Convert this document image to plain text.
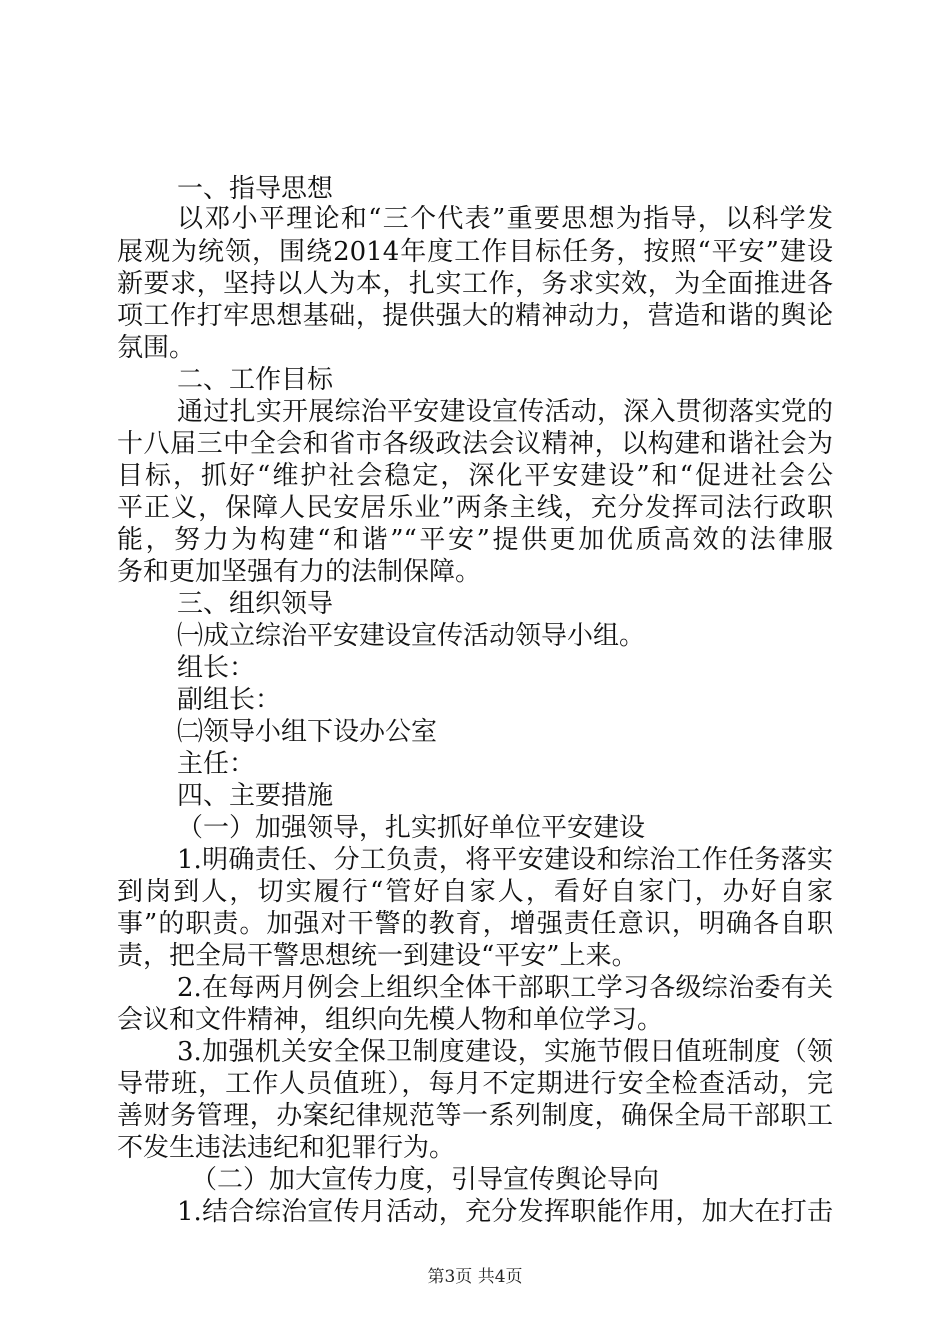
一、指导思想
以邓小平理论和“三个代表”重要思想为指导，以科学发
展观为统领，围绕2014年度工作目标任务，按照“平安”建设
新要求，坚持以人为本，扎实工作，务求实效，为全面推进各
项工作打牢思想基础，提供强大的精神动力，营造和谐的舆论
氛围。
二、工作目标
通过扎实开展综治平安建设宣传活动，深入贯彻落实党的
十八届三中全会和省市各级政法会议精神，以构建和谐社会为
目标，抓好“维护社会稳定，深化平安建设”和“促进社会公
平正义，保障人民安居乐业”两条主线，充分发挥司法行政职
能，努力为构建“和谐”“平安”提供更加优质高效的法律服
务和更加坚强有力的法制保障。
三、组织领导
㈠成立综治平安建设宣传活动领导小组。
组长：
副组长：
㈡领导小组下设办公室
主任：
四、主要措施
（一）加强领导，扎实抓好单位平安建设
1.明确责任、分工负责，将平安建设和综治工作任务落实
到岗到人，切实履行“管好自家人，看好自家门，办好自家
事”的职责。加强对干警的教育，增强责任意识，明确各自职
责，把全局干警思想统一到建设“平安”上来。
2.在每两月例会上组织全体干部职工学习各级综治委有关
会议和文件精神，组织向先模人物和单位学习。
3.加强机关安全保卫制度建设，实施节假日值班制度（领
导带班，工作人员值班），每月不定期进行安全检查活动，完
善财务管理，办案纪律规范等一系列制度，确保全局干部职工
不发生违法违纪和犯罪行为。
（二）加大宣传力度，引导宣传舆论导向
1.结合综治宣传月活动，充分发挥职能作用，加大在打击
第3页 共4页
